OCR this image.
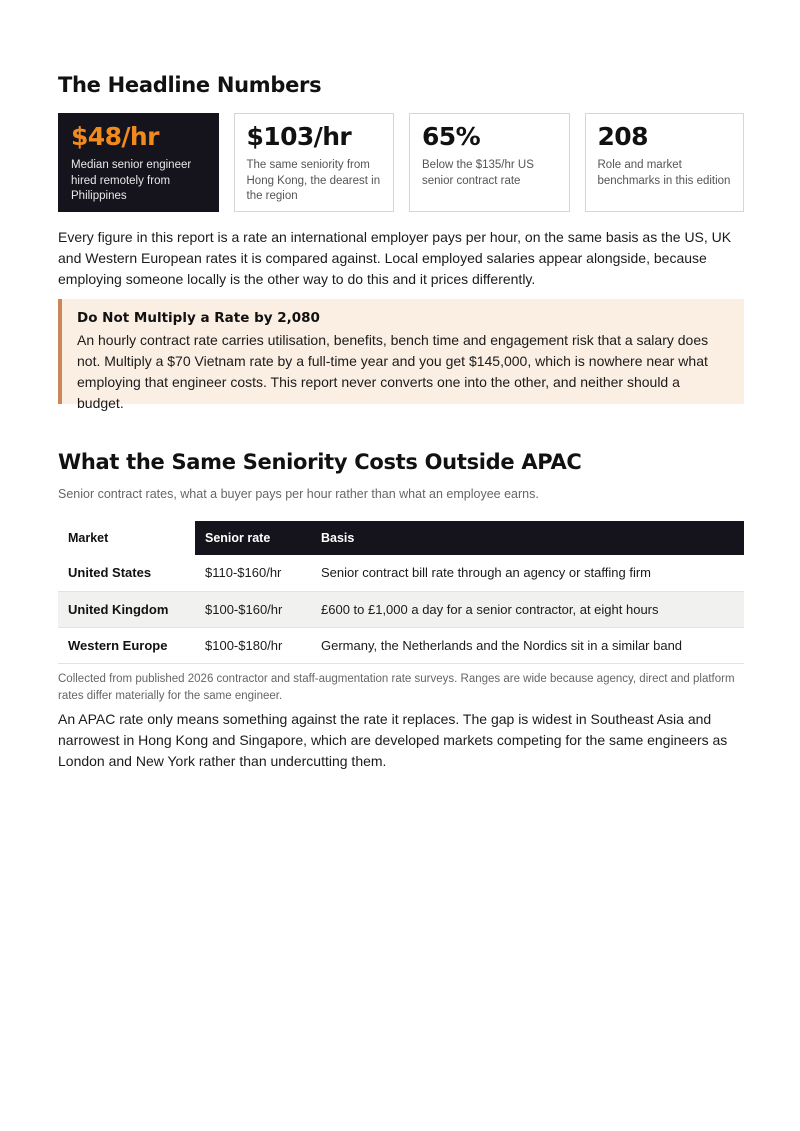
The Headline Numbers
$48/hr
Median senior engineer hired remotely from Philippines
$103/hr
The same seniority from Hong Kong, the dearest in the region
65%
Below the $135/hr US senior contract rate
208
Role and market benchmarks in this edition

Every figure in this report is a rate an international employer pays per hour, on the same basis as the US, UK and Western European rates it is compared against. Local employed salaries appear alongside, because employing someone locally is the other way to do this and it prices differently.

Do Not Multiply a Rate by 2,080
An hourly contract rate carries utilisation, benefits, bench time and engagement risk that a salary does not. Multiply a $70 Vietnam rate by a full-time year and you get $145,000, which is nowhere near what employing that engineer costs. This report never converts one into the other, and neither should a budget.
What the Same Seniority Costs Outside APAC
Senior contract rates, what a buyer pays per hour rather than what an employee earns.
Market	Senior rate	Basis
United States	$110-$160/hr	Senior contract bill rate through an agency or staffing firm
United Kingdom	$100-$160/hr	£600 to £1,000 a day for a senior contractor, at eight hours
Western Europe	$100-$180/hr	Germany, the Netherlands and the Nordics sit in a similar band

Collected from published 2026 contractor and staff-augmentation rate surveys. Ranges are wide because agency, direct and platform rates differ materially for the same engineer.

An APAC rate only means something against the rate it replaces. The gap is widest in Southeast Asia and narrowest in Hong Kong and Singapore, which are developed markets competing for the same engineers as London and New York rather than undercutting them.
